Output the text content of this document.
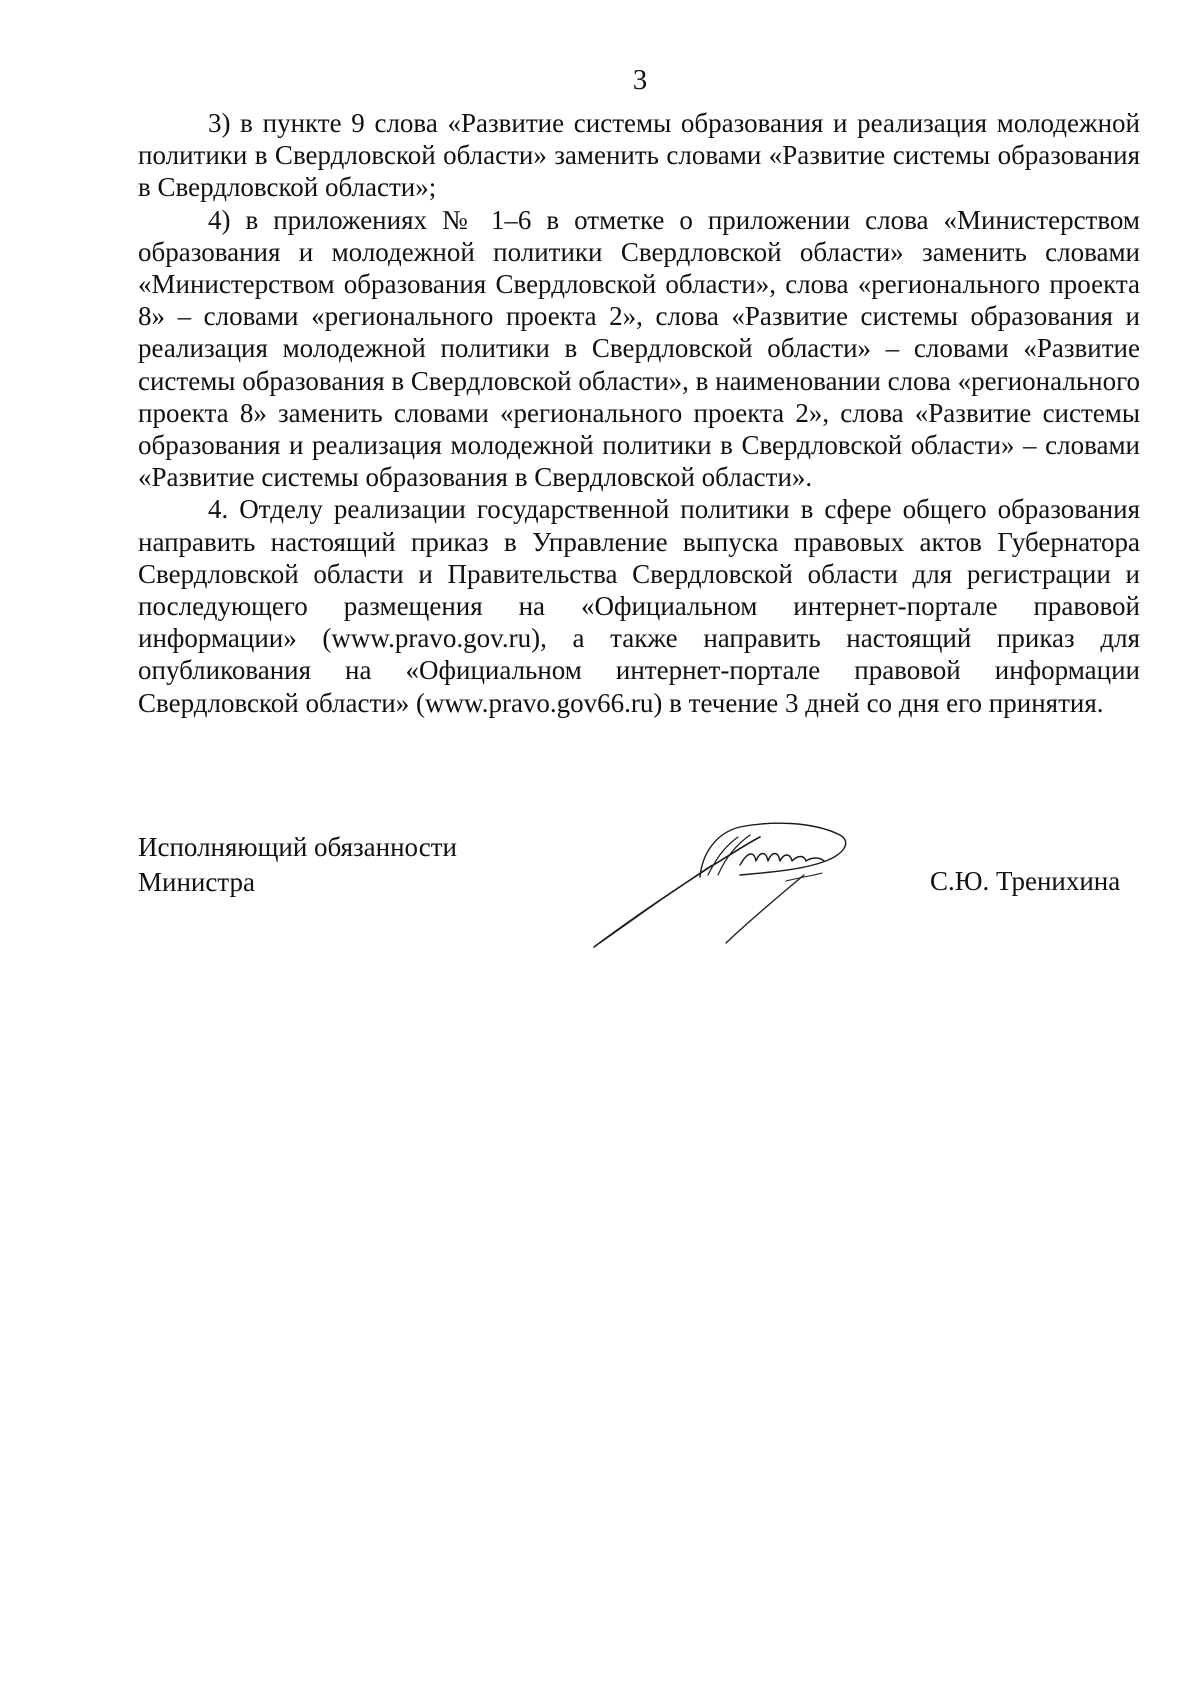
3

3) в пункте 9 слова «Развитие системы образования и реализация молодежной политики в Свердловской области» заменить словами «Развитие системы образования в Свердловской области»;

4) в приложениях № 1–6 в отметке о приложении слова «Министерством образования и молодежной политики Свердловской области» заменить словами «Министерством образования Свердловской области», слова «регионального проекта 8» – словами «регионального проекта 2», слова «Развитие системы образования и реализация молодежной политики в Свердловской области» – словами «Развитие системы образования в Свердловской области», в наименовании слова «регионального проекта 8» заменить словами «регионального проекта 2», слова «Развитие системы образования и реализация молодежной политики в Свердловской области» – словами «Развитие системы образования в Свердловской области».

4. Отделу реализации государственной политики в сфере общего образования направить настоящий приказ в Управление выпуска правовых актов Губернатора Свердловской области и Правительства Свердловской области для регистрации и последующего размещения на «Официальном интернет-портале правовой информации» (www.pravo.gov.ru), а также направить настоящий приказ для опубликования на «Официальном интернет-портале правовой информации Свердловской области» (www.pravo.gov66.ru) в течение 3 дней со дня его принятия.

Исполняющий обязанности
Министра	С.Ю. Тренихина
